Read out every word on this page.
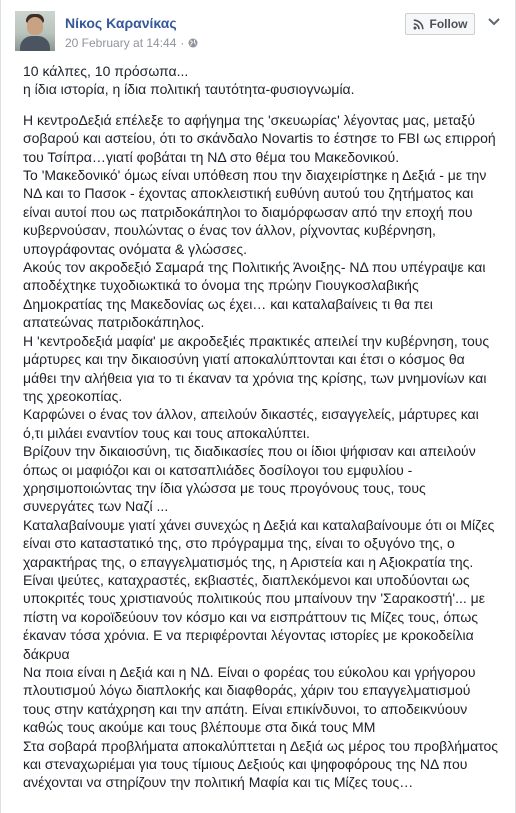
Νίκος Καρανίκας
20 February at 14:44 ·
Follow

10 κάλπες, 10 πρόσωπα...
η ίδια ιστορία, η ίδια πολιτική ταυτότητα-φυσιογνωμία.

Η κεντροΔεξιά επέλεξε το αφήγημα της 'σκευωρίας' λέγοντας μας, μεταξύ
σοβαρού και αστείου, ότι το σκάνδαλο Novartis το έστησε το FBI ως επιρροή
του Τσίπρα…γιατί φοβάται τη ΝΔ στο θέμα του Μακεδονικού.
Το 'Μακεδονικό' όμως είναι υπόθεση που την διαχειρίστηκε η Δεξιά - με την
ΝΔ και το Πασοκ - έχοντας αποκλειστική ευθύνη αυτού του ζητήματος και
είναι αυτοί που ως πατριδοκάπηλοι το διαμόρφωσαν από την εποχή που
κυβερνούσαν, πουλώντας ο ένας τον άλλον, ρίχνοντας κυβέρνηση,
υπογράφοντας ονόματα & γλώσσες.
Ακούς τον ακροδεξιό Σαμαρά της Πολιτικής Άνοιξης- ΝΔ που υπέγραψε και
αποδέχτηκε τυχοδιωκτικά το όνομα της πρώην Γιουγκοσλαβικής
Δημοκρατίας της Μακεδονίας ως έχει… και καταλαβαίνεις τι θα πει
απατεώνας πατριδοκάπηλος.
Η 'κεντροδεξιά μαφία' με ακροδεξιές πρακτικές απειλεί την κυβέρνηση, τους
μάρτυρες και την δικαιοσύνη γιατί αποκαλύπτονται και έτσι ο κόσμος θα
μάθει την αλήθεια για το τι έκαναν τα χρόνια της κρίσης, των μνημονίων και
της χρεοκοπίας.
Καρφώνει ο ένας τον άλλον, απειλούν δικαστές, εισαγγελείς, μάρτυρες και
ό,τι μιλάει εναντίον τους και τους αποκαλύπτει.
Βρίζουν την δικαιοσύνη, τις διαδικασίες που οι ίδιοι ψήφισαν και απειλούν
όπως οι μαφιόζοι και οι κατσαπλιάδες δοσίλογοι του εμφυλίου -
χρησιμοποιώντας την ίδια γλώσσα με τους προγόνους τους, τους
συνεργάτες των Ναζί ...
Καταλαβαίνουμε γιατί χάνει συνεχώς η Δεξιά και καταλαβαίνουμε ότι οι Μίζες
είναι στο καταστατικό της, στο πρόγραμμα της, είναι το οξυγόνο της, ο
χαρακτήρας της, ο επαγγελματισμός της, η Αριστεία και η Αξιοκρατία της.
Είναι ψεύτες, καταχραστές, εκβιαστές, διαπλεκόμενοι και υποδύονται ως
υποκριτές τους χριστιανούς πολιτικούς που μπαίνουν την 'Σαρακοστή'... με
πίστη να κοροϊδεύουν τον κόσμο και να εισπράττουν τις Μίζες τους, όπως
έκαναν τόσα χρόνια. Ε να περιφέρονται λέγοντας ιστορίες με κροκοδείλια
δάκρυα
Να ποια είναι η Δεξιά και η ΝΔ. Είναι ο φορέας του εύκολου και γρήγορου
πλουτισμού λόγω διαπλοκής και διαφθοράς, χάριν του επαγγελματισμού
τους στην κατάχρηση και την απάτη. Είναι επικίνδυνοι, το αποδεικνύουν
καθώς τους ακούμε και τους βλέπουμε στα δικά τους ΜΜ
Στα σοβαρά προβλήματα αποκαλύπτεται η Δεξιά ως μέρος του προβλήματος
και στεναχωριέμαι για τους τίμιους Δεξιούς και ψηφοφόρους της ΝΔ που
ανέχονται να στηρίζουν την πολιτική Μαφία και τις Μίζες τους…
